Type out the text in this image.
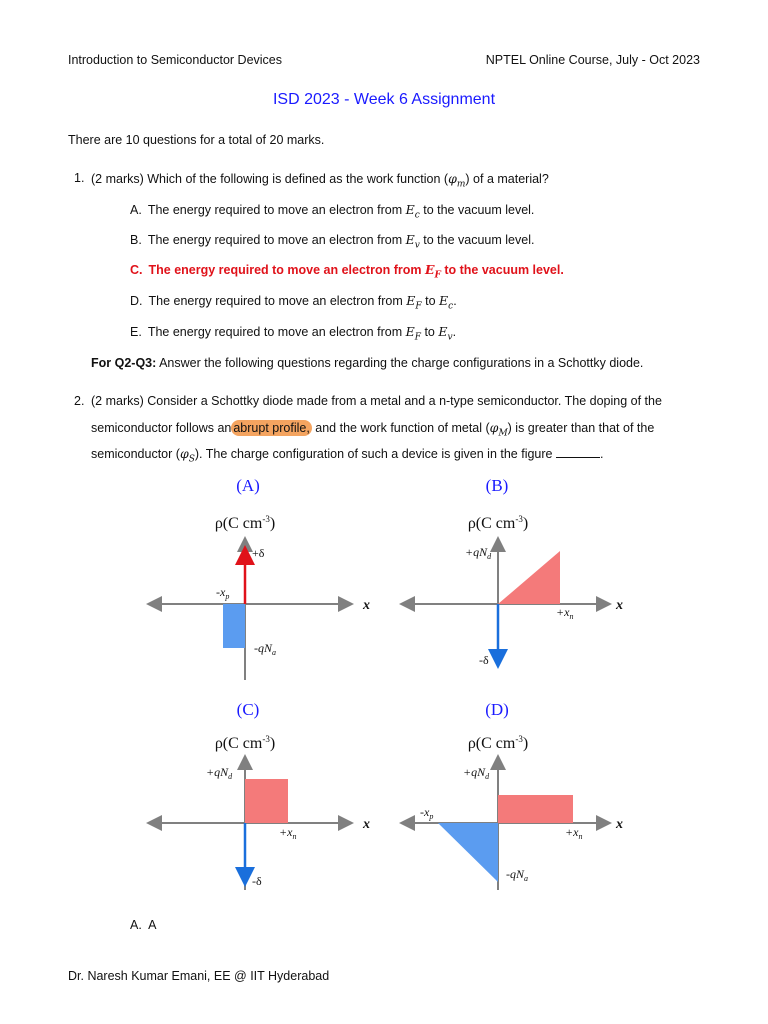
Introduction to Semiconductor Devices	NPTEL Online Course, July - Oct 2023
ISD 2023 - Week 6 Assignment
There are 10 questions for a total of 20 marks.
1. (2 marks) Which of the following is defined as the work function $(\varphi_m)$ of a material?
A. The energy required to move an electron from $E_c$ to the vacuum level.
B. The energy required to move an electron from $E_v$ to the vacuum level.
C. The energy required to move an electron from $E_F$ to the vacuum level.
D. The energy required to move an electron from $E_F$ to $E_c$.
E. The energy required to move an electron from $E_F$ to $E_v$.
For Q2-Q3: Answer the following questions regarding the charge configurations in a Schottky diode.
2. (2 marks) Consider a Schottky diode made from a metal and a n-type semiconductor. The doping of the
semiconductor follows an abrupt profile, and the work function of metal $(\varphi_M)$ is greater than that of the
semiconductor $(\varphi_S)$. The charge configuration of such a device is given in the figure	.
(A)
ρ(C $cm^{-3}$)
+δ
$-x_p$
$-qN_a$
x
(B)
ρ(C $cm^{-3}$)
$+qN_d$
$+x_n$
-δ
x
(C)
ρ(C $cm^{-3}$)
$+qN_d$
$+x_n$
-δ
x
(D)
ρ(C $cm^{-3}$)
$+qN_d$
$-x_p$
$+x_n$
$-qN_a$
x
A. A
Dr. Naresh Kumar Emani, EE @ IIT Hyderabad
